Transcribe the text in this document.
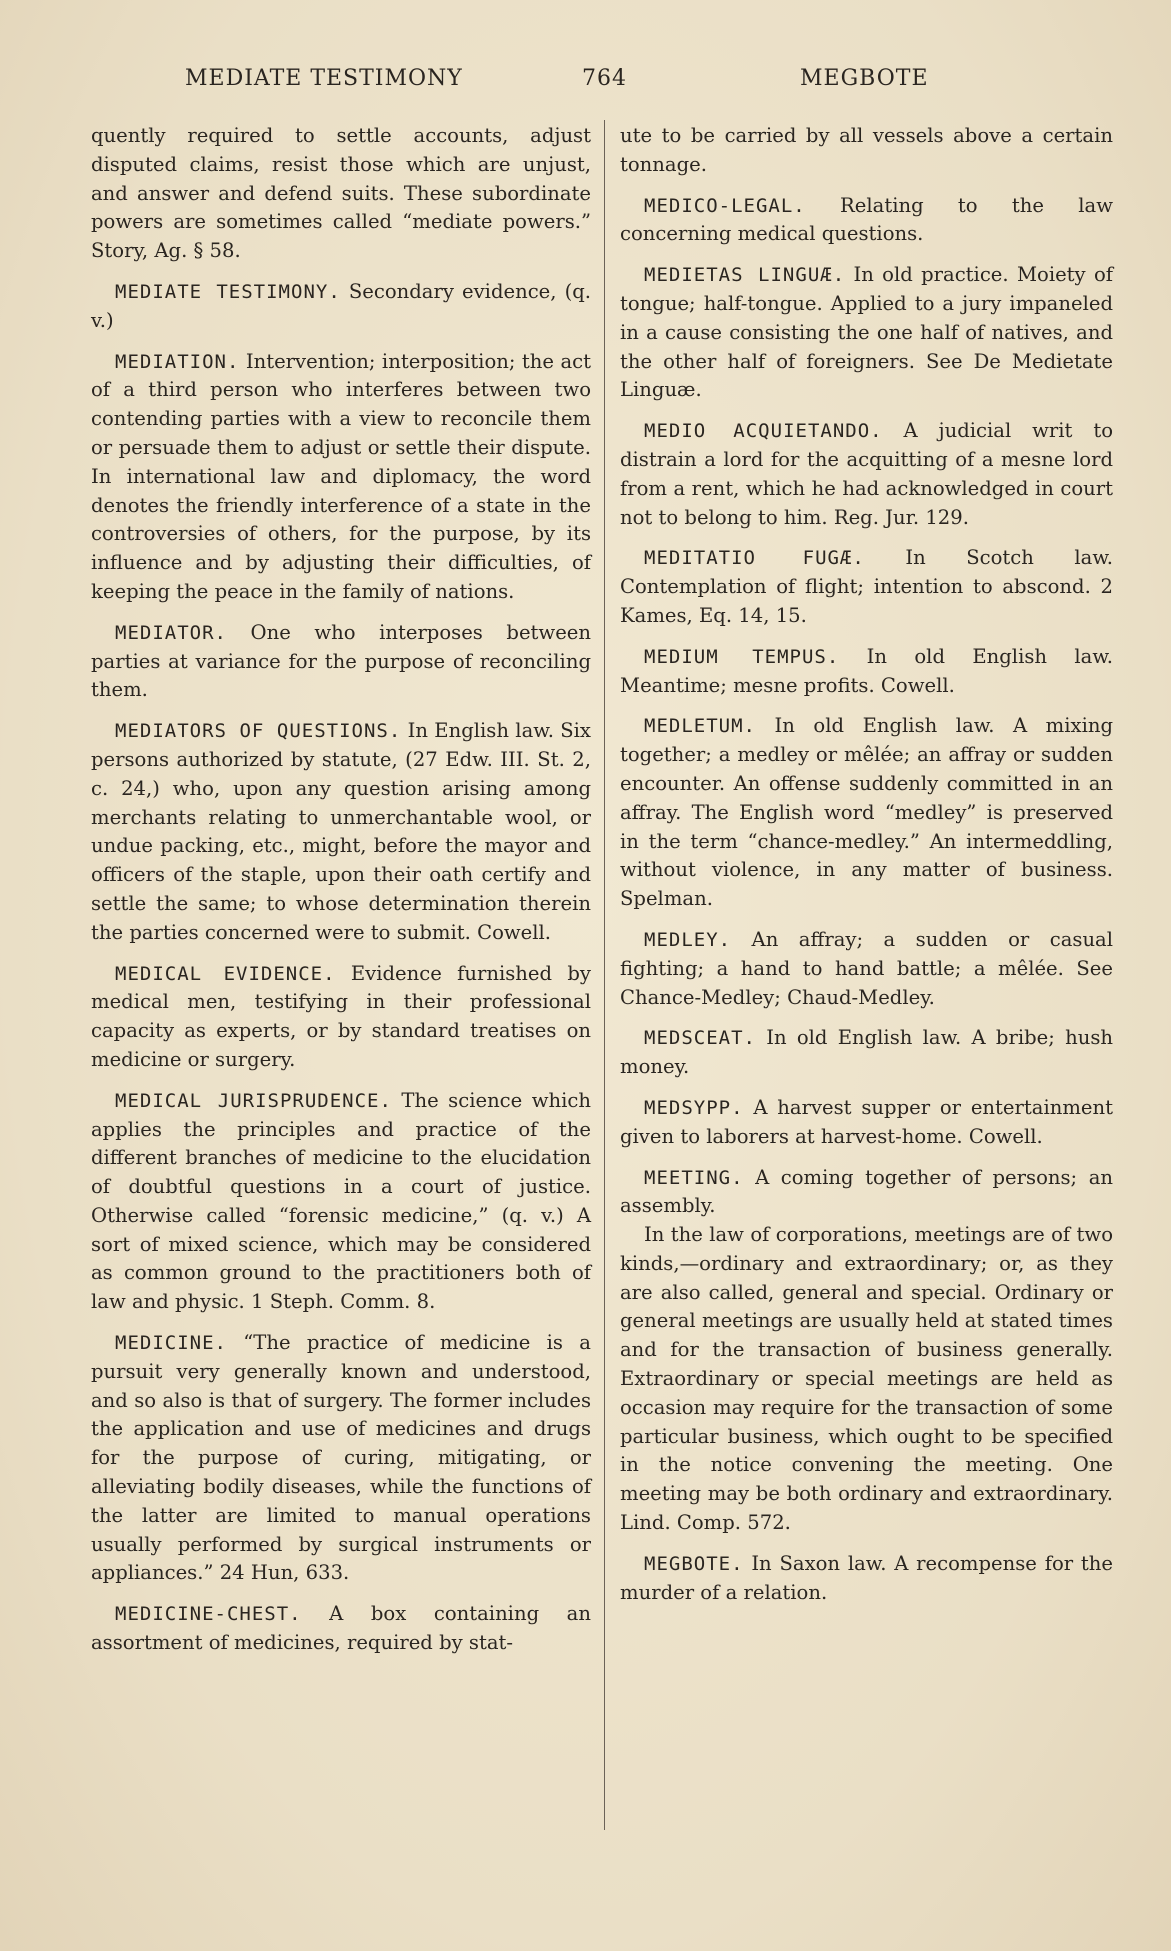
MEDIATE TESTIMONY	764	MEGBOTE

quently required to settle accounts, adjust disputed claims, resist those which are unjust, and answer and defend suits. These subordinate powers are sometimes called “mediate powers.” Story, Ag. § 58.

MEDIATE TESTIMONY. Secondary evidence, (q. v.)

MEDIATION. Intervention; interposition; the act of a third person who interferes between two contending parties with a view to reconcile them or persuade them to adjust or settle their dispute. In international law and diplomacy, the word denotes the friendly interference of a state in the controversies of others, for the purpose, by its influence and by adjusting their difficulties, of keeping the peace in the family of nations.

MEDIATOR. One who interposes between parties at variance for the purpose of reconciling them.

MEDIATORS OF QUESTIONS. In English law. Six persons authorized by statute, (27 Edw. III. St. 2, c. 24,) who, upon any question arising among merchants relating to unmerchantable wool, or undue packing, etc., might, before the mayor and officers of the staple, upon their oath certify and settle the same; to whose determination therein the parties concerned were to submit. Cowell.

MEDICAL EVIDENCE. Evidence furnished by medical men, testifying in their professional capacity as experts, or by standard treatises on medicine or surgery.

MEDICAL JURISPRUDENCE. The science which applies the principles and practice of the different branches of medicine to the elucidation of doubtful questions in a court of justice. Otherwise called “forensic medicine,” (q. v.) A sort of mixed science, which may be considered as common ground to the practitioners both of law and physic. 1 Steph. Comm. 8.

MEDICINE. “The practice of medicine is a pursuit very generally known and understood, and so also is that of surgery. The former includes the application and use of medicines and drugs for the purpose of curing, mitigating, or alleviating bodily diseases, while the functions of the latter are limited to manual operations usually performed by surgical instruments or appliances.” 24 Hun, 633.

MEDICINE-CHEST. A box containing an assortment of medicines, required by stat-

ute to be carried by all vessels above a certain tonnage.

MEDICO-LEGAL. Relating to the law concerning medical questions.

MEDIETAS LINGUÆ. In old practice. Moiety of tongue; half-tongue. Applied to a jury impaneled in a cause consisting the one half of natives, and the other half of foreigners. See De Medietate Linguæ.

MEDIO ACQUIETANDO. A judicial writ to distrain a lord for the acquitting of a mesne lord from a rent, which he had acknowledged in court not to belong to him. Reg. Jur. 129.

MEDITATIO FUGÆ. In Scotch law. Contemplation of flight; intention to abscond. 2 Kames, Eq. 14, 15.

MEDIUM TEMPUS. In old English law. Meantime; mesne profits. Cowell.

MEDLETUM. In old English law. A mixing together; a medley or mêlée; an affray or sudden encounter. An offense suddenly committed in an affray. The English word “medley” is preserved in the term “chance-medley.” An intermeddling, without violence, in any matter of business. Spelman.

MEDLEY. An affray; a sudden or casual fighting; a hand to hand battle; a mêlée. See Chance-Medley; Chaud-Medley.

MEDSCEAT. In old English law. A bribe; hush money.

MEDSYPP. A harvest supper or entertainment given to laborers at harvest-home. Cowell.

MEETING. A coming together of persons; an assembly.

In the law of corporations, meetings are of two kinds,—ordinary and extraordinary; or, as they are also called, general and special. Ordinary or general meetings are usually held at stated times and for the transaction of business generally. Extraordinary or special meetings are held as occasion may require for the transaction of some particular business, which ought to be specified in the notice convening the meeting. One meeting may be both ordinary and extraordinary. Lind. Comp. 572.

MEGBOTE. In Saxon law. A recompense for the murder of a relation.
